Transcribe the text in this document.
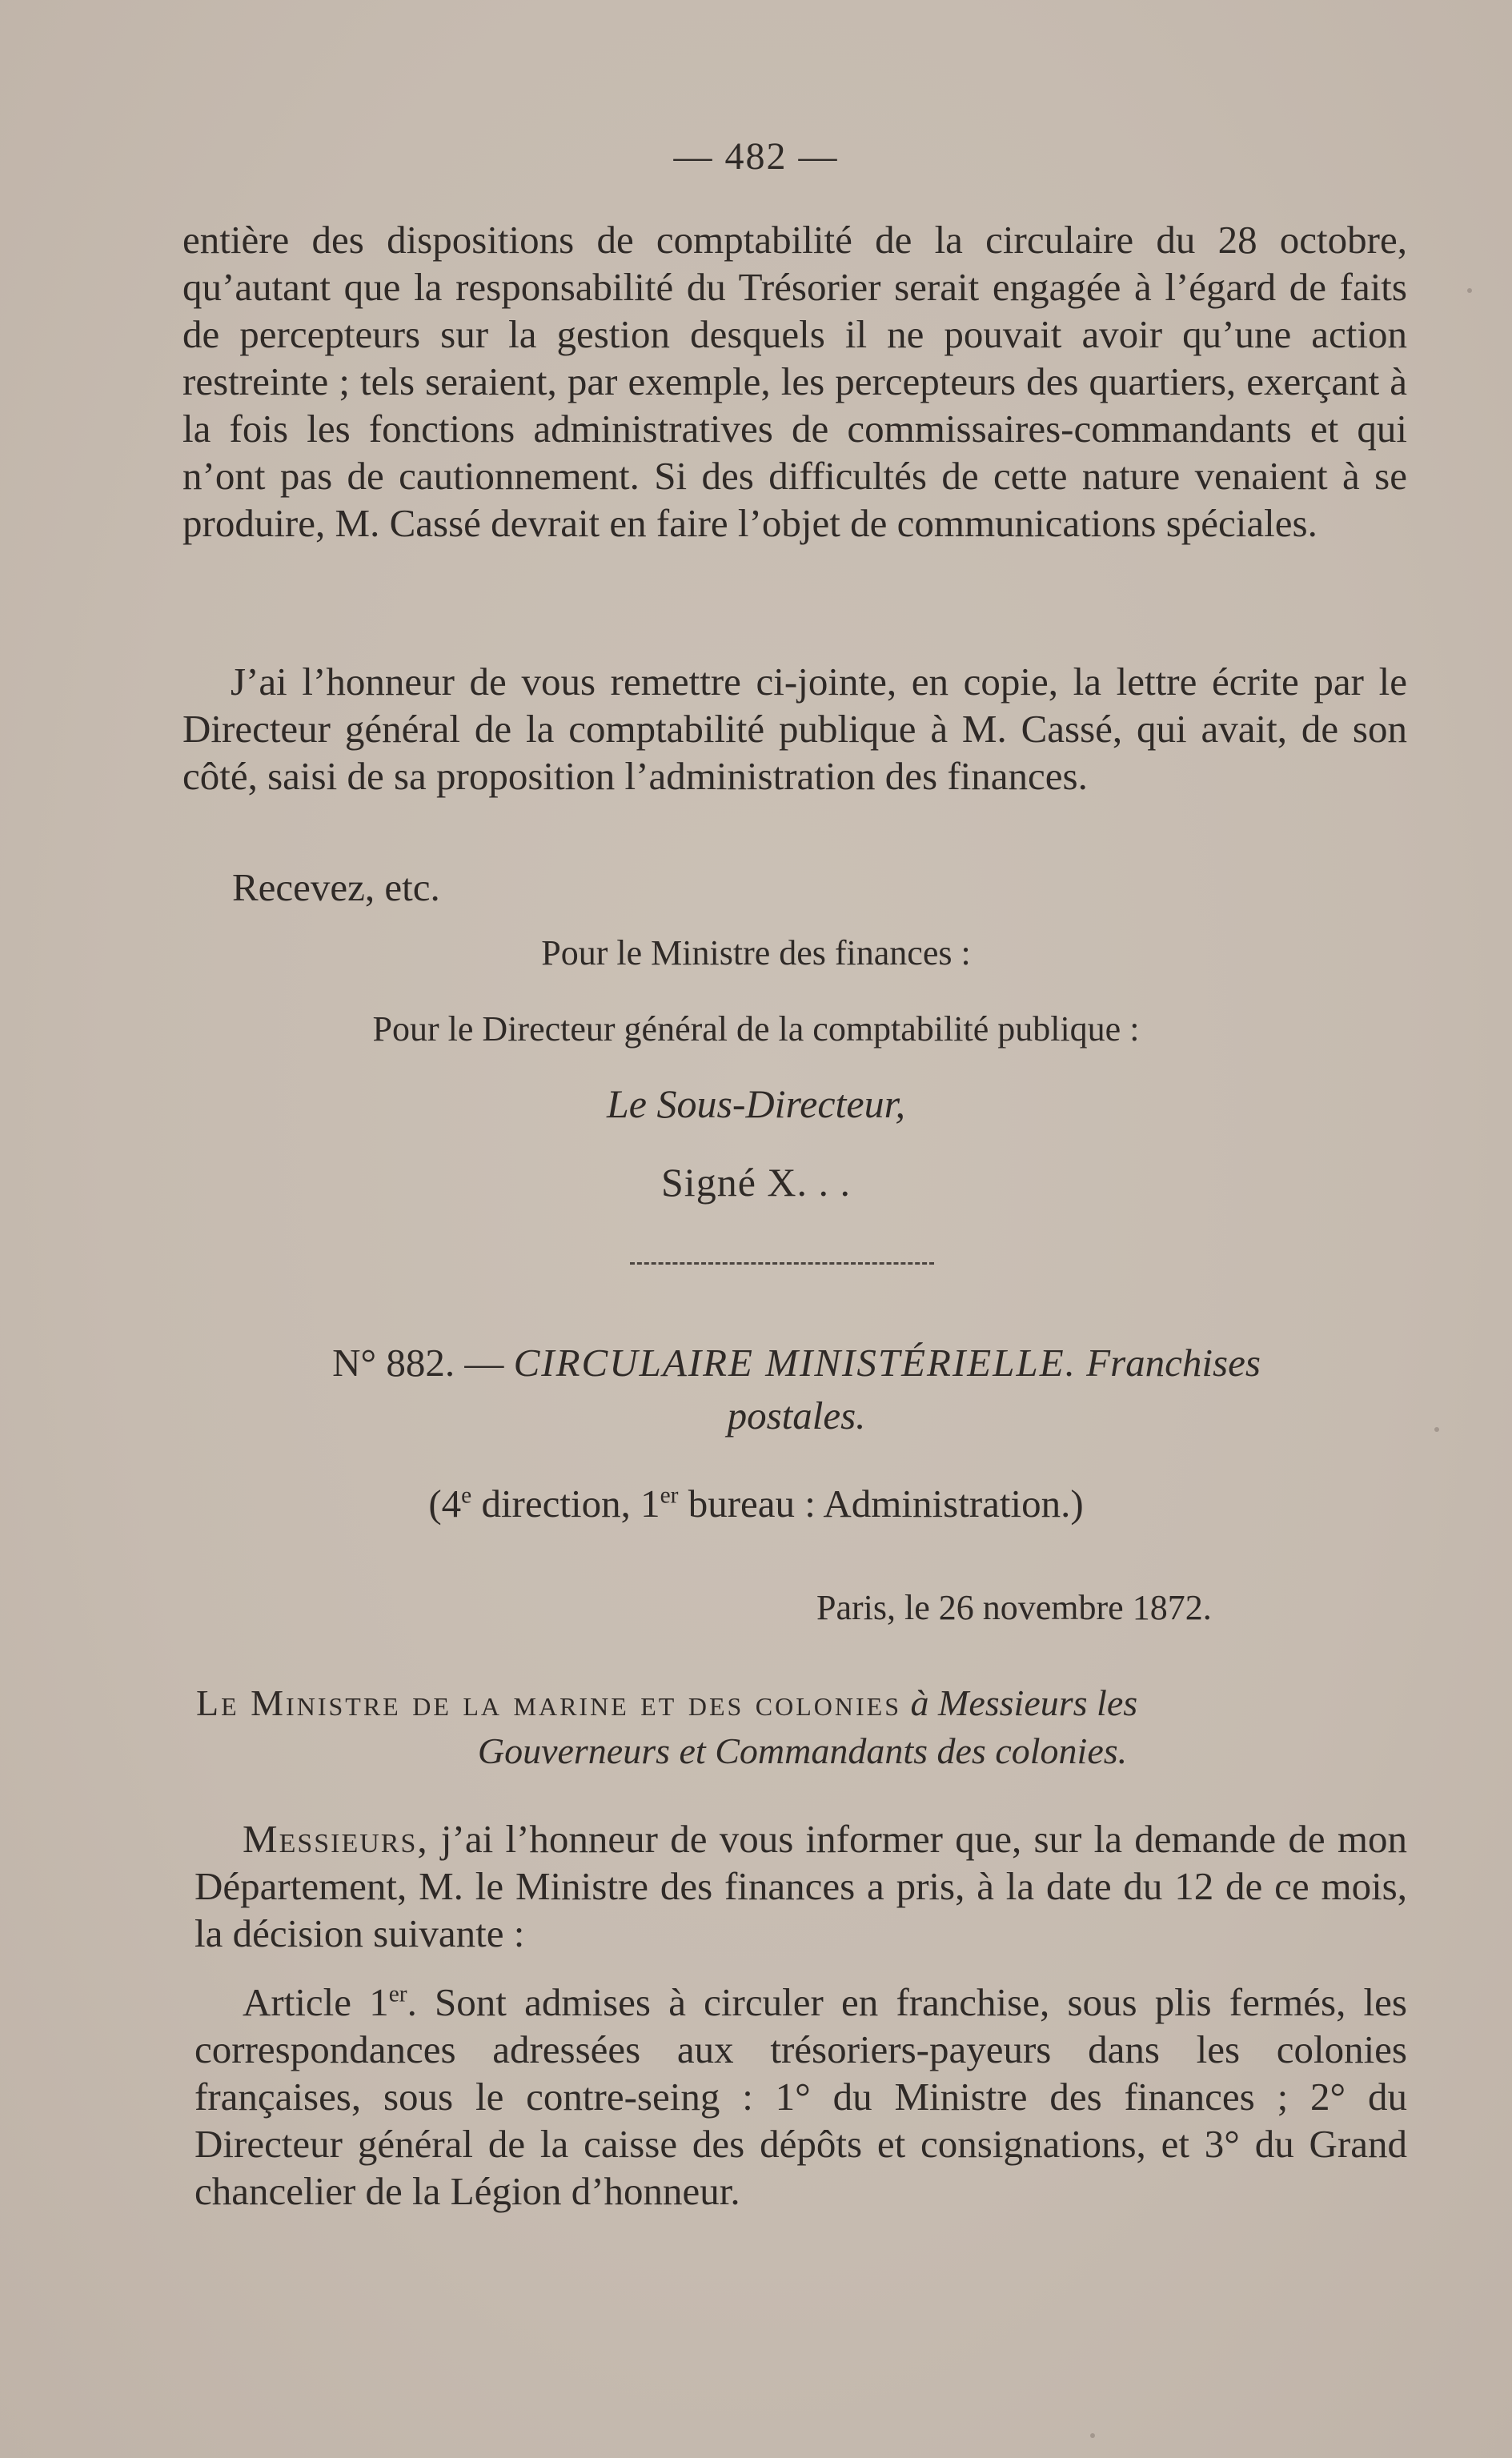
— 482 —

entière des dispositions de comptabilité de la circulaire du 28 octobre, qu’autant que la responsabilité du Trésorier serait engagée à l’égard de faits de percepteurs sur la gestion desquels il ne pouvait avoir qu’une action restreinte ; tels seraient, par exemple, les percepteurs des quartiers, exerçant à la fois les fonctions administratives de commissaires-commandants et qui n’ont pas de cautionnement. Si des difficultés de cette nature venaient à se produire, M. Cassé devrait en faire l’objet de communications spéciales.

J’ai l’honneur de vous remettre ci-jointe, en copie, la lettre écrite par le Directeur général de la comptabilité publique à M. Cassé, qui avait, de son côté, saisi de sa proposition l’administration des finances.

Recevez, etc.
Pour le Ministre des finances :
Pour le Directeur général de la comptabilité publique :
Le Sous-Directeur,
Signé X. . .
N° 882. — CIRCULAIRE MINISTÉRIELLE. Franchises
postales.
(4e direction, 1er bureau : Administration.)
Paris, le 26 novembre 1872.
Le Ministre de la marine et des colonies à Messieurs les
Gouverneurs et Commandants des colonies.

Messieurs, j’ai l’honneur de vous informer que, sur la demande de mon Département, M. le Ministre des finances a pris, à la date du 12 de ce mois, la décision suivante :

Article 1er. Sont admises à circuler en franchise, sous plis fermés, les correspondances adressées aux trésoriers-payeurs dans les colonies françaises, sous le contre-seing : 1° du Ministre des finances ; 2° du Directeur général de la caisse des dépôts et consignations, et 3° du Grand chancelier de la Légion d’honneur.
